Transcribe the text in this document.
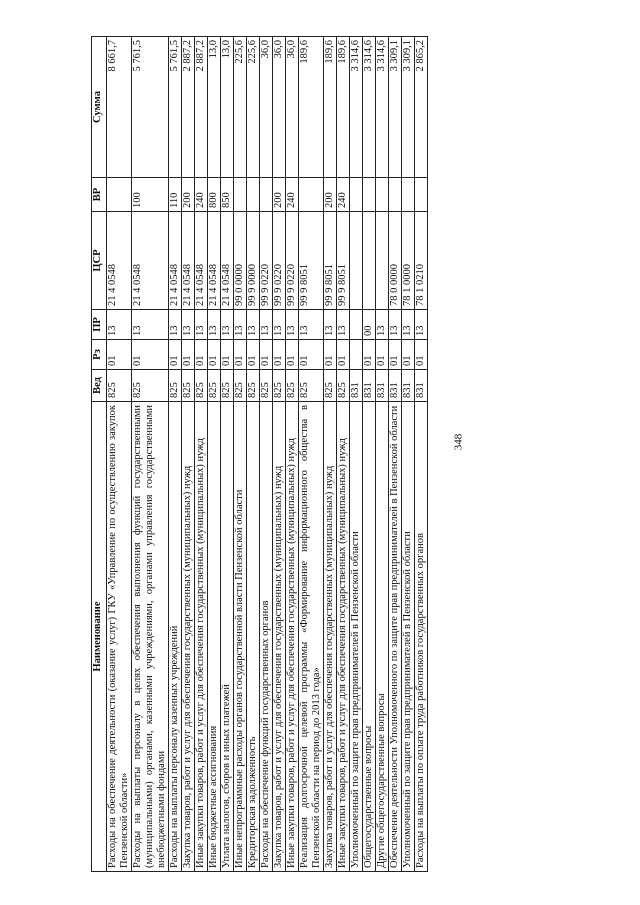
348
Наименование	Вед	Рз	ПР	ЦСР	ВР	Сумма
Расходы на обеспечение деятельности (оказание услуг) ГКУ «Управление по осуществлению закупок Пензенской области»	825	01	13	21 4 0548		8 661,7
Расходы на выплаты персоналу в целях обеспечения выполнения функций государственными (муниципальными) органами, казенными учреждениями, органами управления государственными внебюджетными фондами	825	01	13	21 4 0548	100	5 761,5
Расходы на выплаты персоналу казенных учреждений	825	01	13	21 4 0548	110	5 761,5
Закупка товаров, работ и услуг для обеспечения государственных (муниципальных) нужд	825	01	13	21 4 0548	200	2 887,2
Иные закупки товаров, работ и услуг для обеспечения государственных (муниципальных) нужд	825	01	13	21 4 0548	240	2 887,2
Иные бюджетные ассигнования	825	01	13	21 4 0548	800	13,0
Уплата налогов, сборов и иных платежей	825	01	13	21 4 0548	850	13,0
Иные непрограммные расходы органов государственной власти Пензенской области	825	01	13	99 0 0000		225,6
Кредиторская задолженность	825	01	13	99 9 0000		225,6
Расходы на обеспечение функций государственных органов	825	01	13	99 9 0220		36,0
Закупка товаров, работ и услуг для обеспечения государственных (муниципальных) нужд	825	01	13	99 9 0220	200	36,0
Иные закупки товаров, работ и услуг для обеспечения государственных (муниципальных) нужд	825	01	13	99 9 0220	240	36,0
Реализация долгосрочной целевой программы «Формирование информационного общества в Пензенской области на период до 2013 года»	825	01	13	99 9 8051		189,6
Закупка товаров, работ и услуг для обеспечения государственных (муниципальных) нужд	825	01	13	99 9 8051	200	189,6
Иные закупки товаров, работ и услуг для обеспечения государственных (муниципальных) нужд	825	01	13	99 9 8051	240	189,6
Уполномоченный по защите прав предпринимателей в Пензенской области	831					3 314,6
Общегосударственные вопросы	831	01	00			3 314,6
Другие общегосударственные вопросы	831	01	13			3 314,6
Обеспечение деятельности Уполномоченного по защите прав предпринимателей в Пензенской области	831	01	13	78 0 0000		3 309,1
Уполномоченный по защите прав предпринимателей в Пензенской области	831	01	13	78 1 0000		3 309,1
Расходы на выплаты по оплате труда работников государственных органов	831	01	13	78 1 0210		2 865,2
